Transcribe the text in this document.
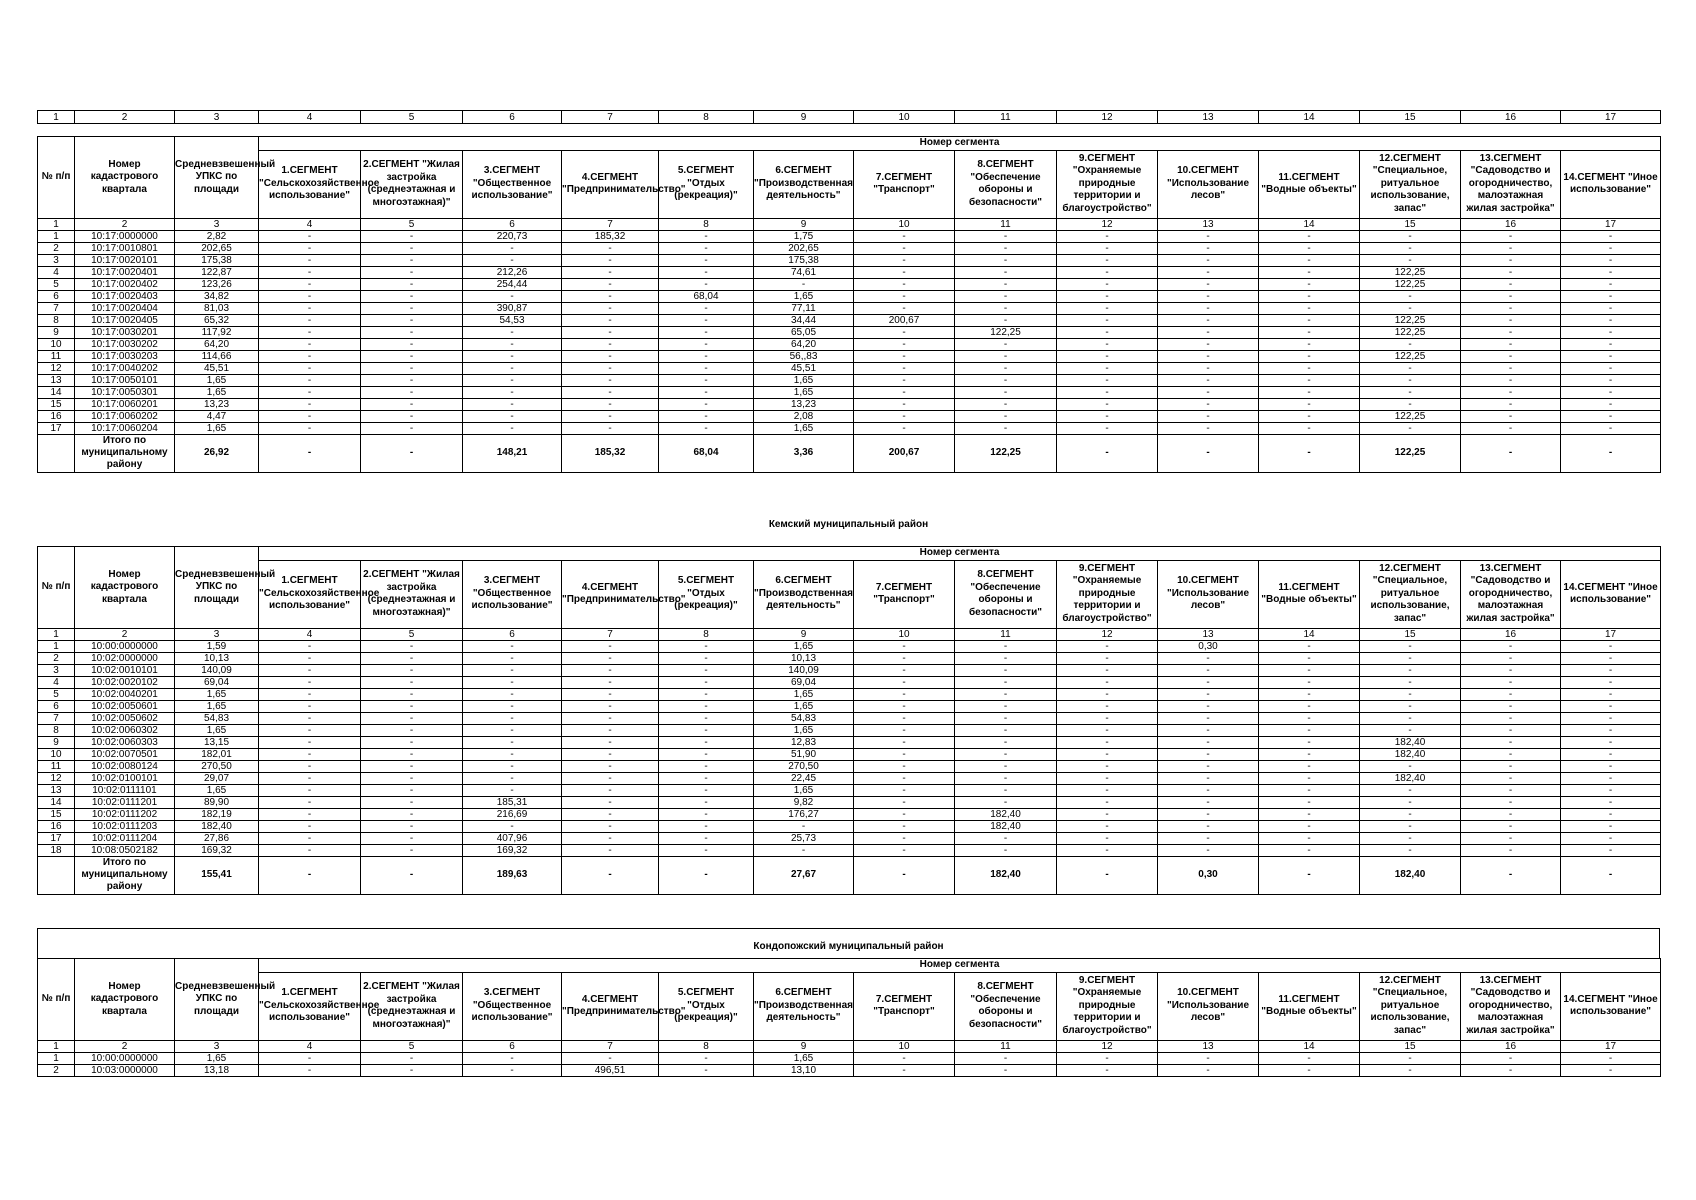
1	2	3	4	5	6	7	8	9	10	11	12	13	14	15	16	17
№ п/п	Номер кадастрового квартала	Средневзвешенный УПКС по площади	Номер сегмента													
			1.СЕГМЕНТ "Сельскохозяйственное использование"	2.СЕГМЕНТ "Жилая застройка (среднеэтажная и многоэтажная)"	3.СЕГМЕНТ "Общественное использование"	4.СЕГМЕНТ "Предпринимательство"	5.СЕГМЕНТ "Отдых (рекреация)"	6.СЕГМЕНТ "Производственная деятельность"	7.СЕГМЕНТ "Транспорт"	8.СЕГМЕНТ "Обеспечение обороны и безопасности"	9.СЕГМЕНТ "Охраняемые природные территории и благоустройство"	10.СЕГМЕНТ "Использование лесов"	11.СЕГМЕНТ "Водные объекты"	12.СЕГМЕНТ "Специальное, ритуальное использование, запас"	13.СЕГМЕНТ "Садоводство и огородничество, малоэтажная жилая застройка"	14.СЕГМЕНТ "Иное использование"
1	2	3	4	5	6	7	8	9	10	11	12	13	14	15	16	17
1	10:17:0000000	2,82	-	-	220,73	185,32	-	1,75	-	-	-	-	-	-	-	-
2	10:17:0010801	202,65	-	-	-	-	-	202,65	-	-	-	-	-	-	-	-
3	10:17:0020101	175,38	-	-	-	-	-	175,38	-	-	-	-	-	-	-	-
4	10:17:0020401	122,87	-	-	212,26	-	-	74,61	-	-	-	-	-	122,25	-	-
5	10:17:0020402	123,26	-	-	254,44	-	-	-	-	-	-	-	-	122,25	-	-
6	10:17:0020403	34,82	-	-	-	-	68,04	1,65	-	-	-	-	-	-	-	-
7	10:17:0020404	81,03	-	-	390,87	-	-	77,11	-	-	-	-	-	-	-	-
8	10:17:0020405	65,32	-	-	54,53	-	-	34,44	200,67	-	-	-	-	122,25	-	-
9	10:17:0030201	117,92	-	-	-	-	-	65,05	-	122,25	-	-	-	122,25	-	-
10	10:17:0030202	64,20	-	-	-	-	-	64,20	-	-	-	-	-	-	-	-
11	10:17:0030203	114,66	-	-	-	-	-	56,,83	-	-	-	-	-	122,25	-	-
12	10:17:0040202	45,51	-	-	-	-	-	45,51	-	-	-	-	-	-	-	-
13	10:17:0050101	1,65	-	-	-	-	-	1,65	-	-	-	-	-	-	-	-
14	10:17:0050301	1,65	-	-	-	-	-	1,65	-	-	-	-	-	-	-	-
15	10:17:0060201	13,23	-	-	-	-	-	13,23	-	-	-	-	-	-	-	-
16	10:17:0060202	4,47	-	-	-	-	-	2,08	-	-	-	-	-	122,25	-	-
17	10:17:0060204	1,65	-	-	-	-	-	1,65	-	-	-	-	-	-	-	-
	Итого по муниципальному району	26,92	-	-	148,21	185,32	68,04	3,36	200,67	122,25	-	-	-	122,25	-	-
Кемский муниципальный район
№ п/п	Номер кадастрового квартала	Средневзвешенный УПКС по площади	Номер сегмента													
			1.СЕГМЕНТ "Сельскохозяйственное использование"	2.СЕГМЕНТ "Жилая застройка (среднеэтажная и многоэтажная)"	3.СЕГМЕНТ "Общественное использование"	4.СЕГМЕНТ "Предпринимательство"	5.СЕГМЕНТ "Отдых (рекреация)"	6.СЕГМЕНТ "Производственная деятельность"	7.СЕГМЕНТ "Транспорт"	8.СЕГМЕНТ "Обеспечение обороны и безопасности"	9.СЕГМЕНТ "Охраняемые природные территории и благоустройство"	10.СЕГМЕНТ "Использование лесов"	11.СЕГМЕНТ "Водные объекты"	12.СЕГМЕНТ "Специальное, ритуальное использование, запас"	13.СЕГМЕНТ "Садоводство и огородничество, малоэтажная жилая застройка"	14.СЕГМЕНТ "Иное использование"
1	2	3	4	5	6	7	8	9	10	11	12	13	14	15	16	17
1	10:00:0000000	1,59	-	-	-	-	-	1,65	-	-	-	0,30	-	-	-	-
2	10:02:0000000	10,13	-	-	-	-	-	10,13	-	-	-	-	-	-	-	-
3	10:02:0010101	140,09	-	-	-	-	-	140,09	-	-	-	-	-	-	-	-
4	10:02:0020102	69,04	-	-	-	-	-	69,04	-	-	-	-	-	-	-	-
5	10:02:0040201	1,65	-	-	-	-	-	1,65	-	-	-	-	-	-	-	-
6	10:02:0050601	1,65	-	-	-	-	-	1,65	-	-	-	-	-	-	-	-
7	10:02:0050602	54,83	-	-	-	-	-	54,83	-	-	-	-	-	-	-	-
8	10:02:0060302	1,65	-	-	-	-	-	1,65	-	-	-	-	-	-	-	-
9	10:02:0060303	13,15	-	-	-	-	-	12,83	-	-	-	-	-	182,40	-	-
10	10:02:0070501	182,01	-	-	-	-	-	51,90	-	-	-	-	-	182,40	-	-
11	10:02:0080124	270,50	-	-	-	-	-	270,50	-	-	-	-	-	-	-	-
12	10:02:0100101	29,07	-	-	-	-	-	22,45	-	-	-	-	-	182,40	-	-
13	10:02:0111101	1,65	-	-	-	-	-	1,65	-	-	-	-	-	-	-	-
14	10:02:0111201	89,90	-	-	185,31	-	-	9,82	-	-	-	-	-	-	-	-
15	10:02:0111202	182,19	-	-	216,69	-	-	176,27	-	182,40	-	-	-	-	-	-
16	10:02:0111203	182,40	-	-	-	-	-	-	-	182,40	-	-	-	-	-	-
17	10:02:0111204	27,86	-	-	407,96	-	-	25,73	-	-	-	-	-	-	-	-
18	10:08:0502182	169,32	-	-	169,32	-	-	-	-	-	-	-	-	-	-	-
	Итого по муниципальному району	155,41	-	-	189,63	-	-	27,67	-	182,40	-	0,30	-	182,40	-	-
Кондопожский муниципальный район
№ п/п	Номер кадастрового квартала	Средневзвешенный УПКС по площади	Номер сегмента													
			1.СЕГМЕНТ "Сельскохозяйственное использование"	2.СЕГМЕНТ "Жилая застройка (среднеэтажная и многоэтажная)"	3.СЕГМЕНТ "Общественное использование"	4.СЕГМЕНТ "Предпринимательство"	5.СЕГМЕНТ "Отдых (рекреация)"	6.СЕГМЕНТ "Производственная деятельность"	7.СЕГМЕНТ "Транспорт"	8.СЕГМЕНТ "Обеспечение обороны и безопасности"	9.СЕГМЕНТ "Охраняемые природные территории и благоустройство"	10.СЕГМЕНТ "Использование лесов"	11.СЕГМЕНТ "Водные объекты"	12.СЕГМЕНТ "Специальное, ритуальное использование, запас"	13.СЕГМЕНТ "Садоводство и огородничество, малоэтажная жилая застройка"	14.СЕГМЕНТ "Иное использование"
1	2	3	4	5	6	7	8	9	10	11	12	13	14	15	16	17
1	10:00:0000000	1,65	-	-	-	-	-	1,65	-	-	-	-	-	-	-	-
2	10:03:0000000	13,18	-	-	-	496,51	-	13,10	-	-	-	-	-	-	-	-
